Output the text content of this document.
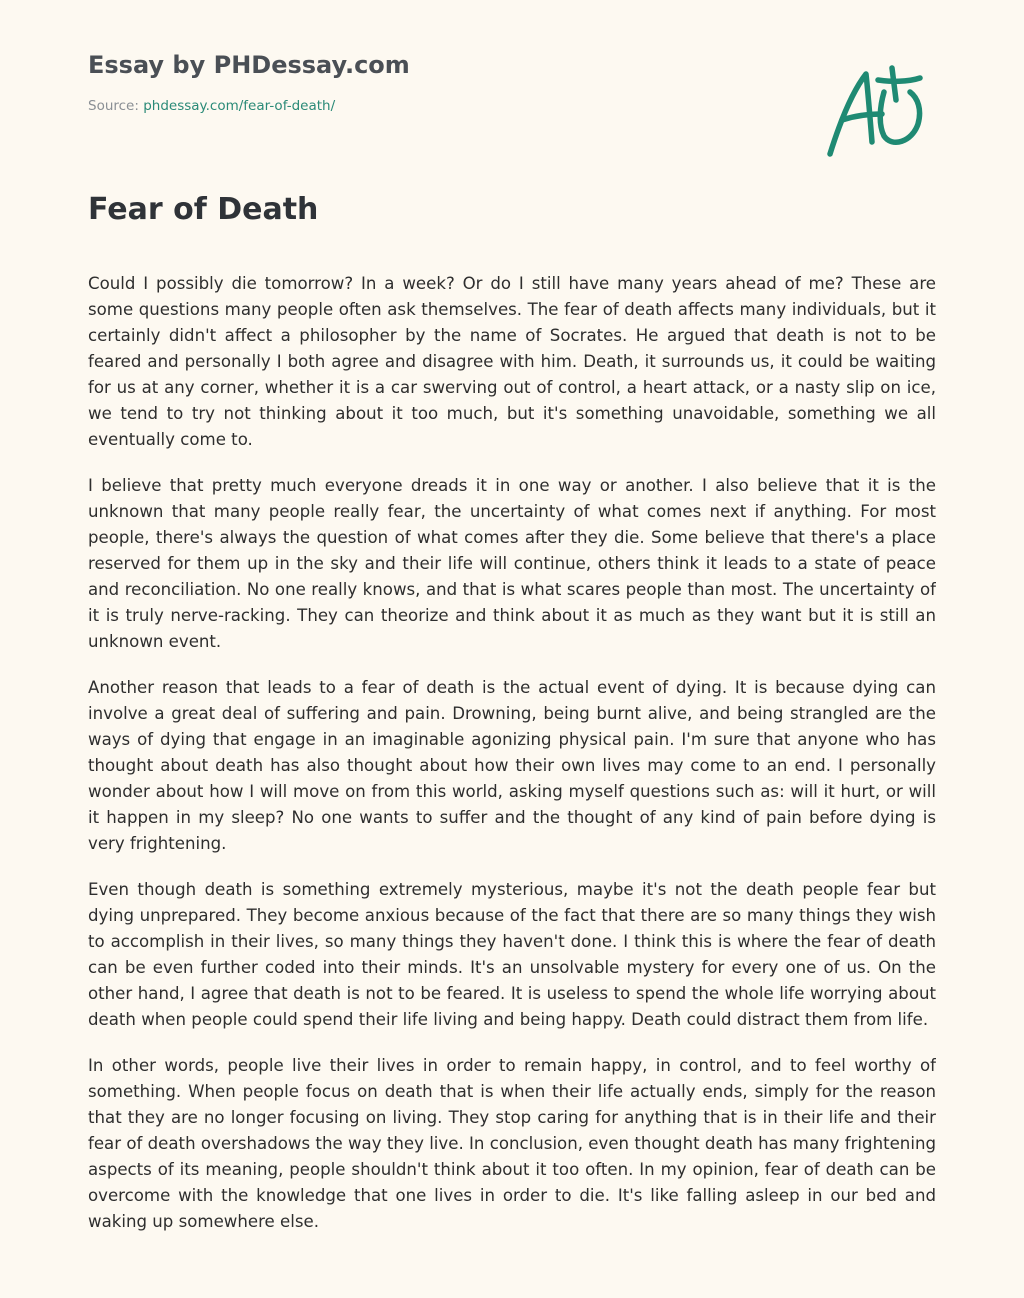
Essay by PHDessay.com
Source: phdessay.com/fear-of-death/
Fear of Death

Could I possibly die tomorrow? In a week? Or do I still have many years ahead of me? These are some questions many people often ask themselves. The fear of death affects many individuals, but it certainly didn't affect a philosopher by the name of Socrates. He argued that death is not to be feared and personally I both agree and disagree with him. Death, it surrounds us, it could be waiting for us at any corner, whether it is a car swerving out of control, a heart attack, or a nasty slip on ice, we tend to try not thinking about it too much, but it's something unavoidable, something we all eventually come to.

I believe that pretty much everyone dreads it in one way or another. I also believe that it is the unknown that many people really fear, the uncertainty of what comes next if anything. For most people, there's always the question of what comes after they die. Some believe that there's a place reserved for them up in the sky and their life will continue, others think it leads to a state of peace and reconciliation. No one really knows, and that is what scares people than most. The uncertainty of it is truly nerve-racking. They can theorize and think about it as much as they want but it is still an unknown event.

Another reason that leads to a fear of death is the actual event of dying. It is because dying can involve a great deal of suffering and pain. Drowning, being burnt alive, and being strangled are the ways of dying that engage in an imaginable agonizing physical pain. I'm sure that anyone who has thought about death has also thought about how their own lives may come to an end. I personally wonder about how I will move on from this world, asking myself questions such as: will it hurt, or will it happen in my sleep? No one wants to suffer and the thought of any kind of pain before dying is very frightening.

Even though death is something extremely mysterious, maybe it's not the death people fear but dying unprepared. They become anxious because of the fact that there are so many things they wish to accomplish in their lives, so many things they haven't done. I think this is where the fear of death can be even further coded into their minds. It's an unsolvable mystery for every one of us. On the other hand, I agree that death is not to be feared. It is useless to spend the whole life worrying about death when people could spend their life living and being happy. Death could distract them from life.

In other words, people live their lives in order to remain happy, in control, and to feel worthy of something. When people focus on death that is when their life actually ends, simply for the reason that they are no longer focusing on living. They stop caring for anything that is in their life and their fear of death overshadows the way they live. In conclusion, even thought death has many frightening aspects of its meaning, people shouldn't think about it too often. In my opinion, fear of death can be overcome with the knowledge that one lives in order to die. It's like falling asleep in our bed and waking up somewhere else.
